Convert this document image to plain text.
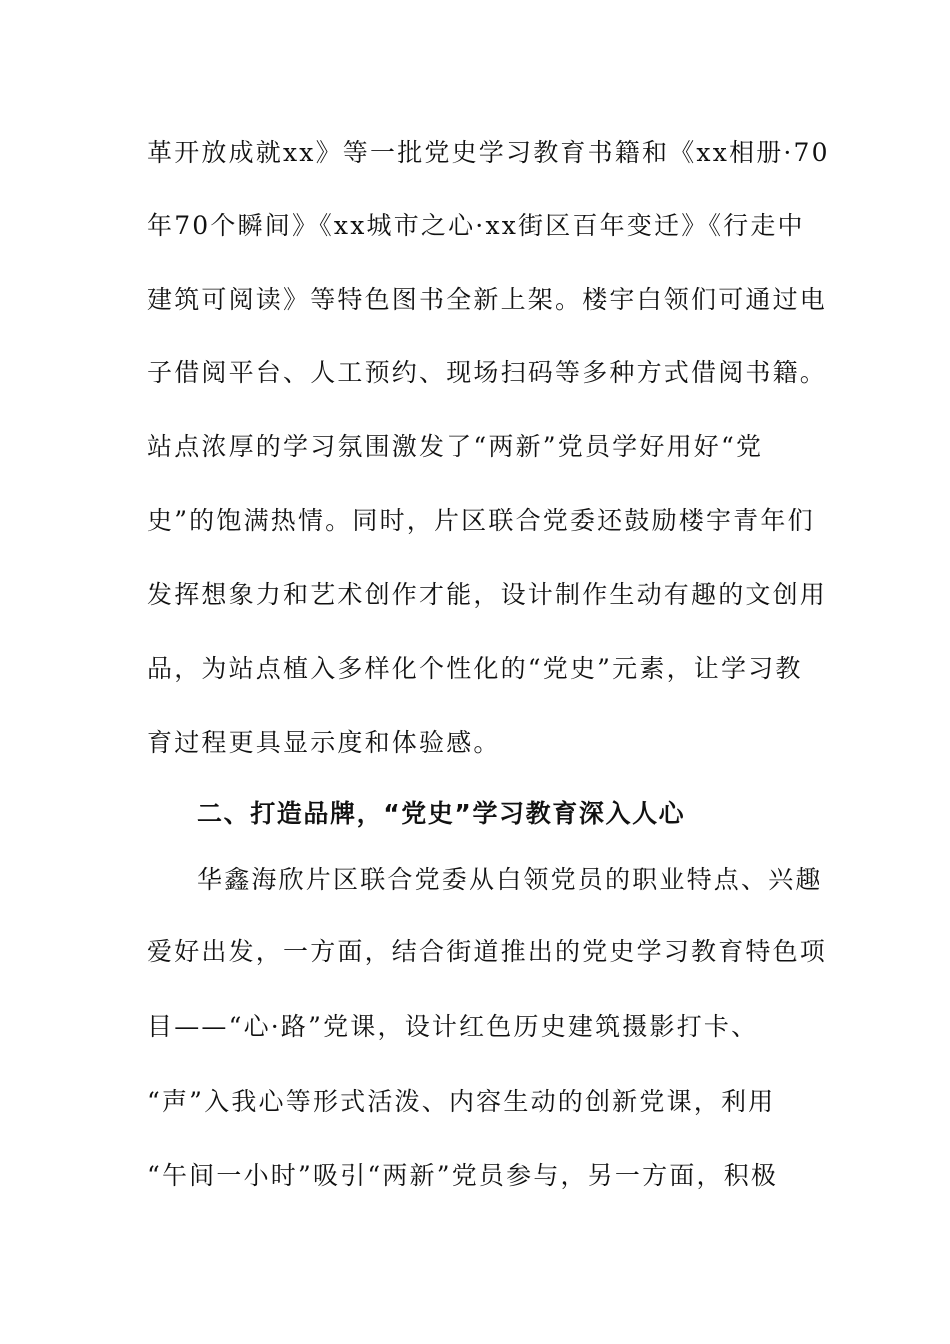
革开放成就xx》等一批党史学习教育书籍和《xx相册·70
年70个瞬间》《xx城市之心·xx街区百年变迁》《行走中
建筑可阅读》等特色图书全新上架。楼宇白领们可通过电
子借阅平台、人工预约、现场扫码等多种方式借阅书籍。
站点浓厚的学习氛围激发了“两新”党员学好用好“党
史”的饱满热情。同时，片区联合党委还鼓励楼宇青年们
发挥想象力和艺术创作才能，设计制作生动有趣的文创用
品，为站点植入多样化个性化的“党史”元素，让学习教
育过程更具显示度和体验感。
二、打造品牌，“党史”学习教育深入人心
华鑫海欣片区联合党委从白领党员的职业特点、兴趣
爱好出发，一方面，结合街道推出的党史学习教育特色项
目——“心·路”党课，设计红色历史建筑摄影打卡、
“声”入我心等形式活泼、内容生动的创新党课，利用
“午间一小时”吸引“两新”党员参与，另一方面，积极
